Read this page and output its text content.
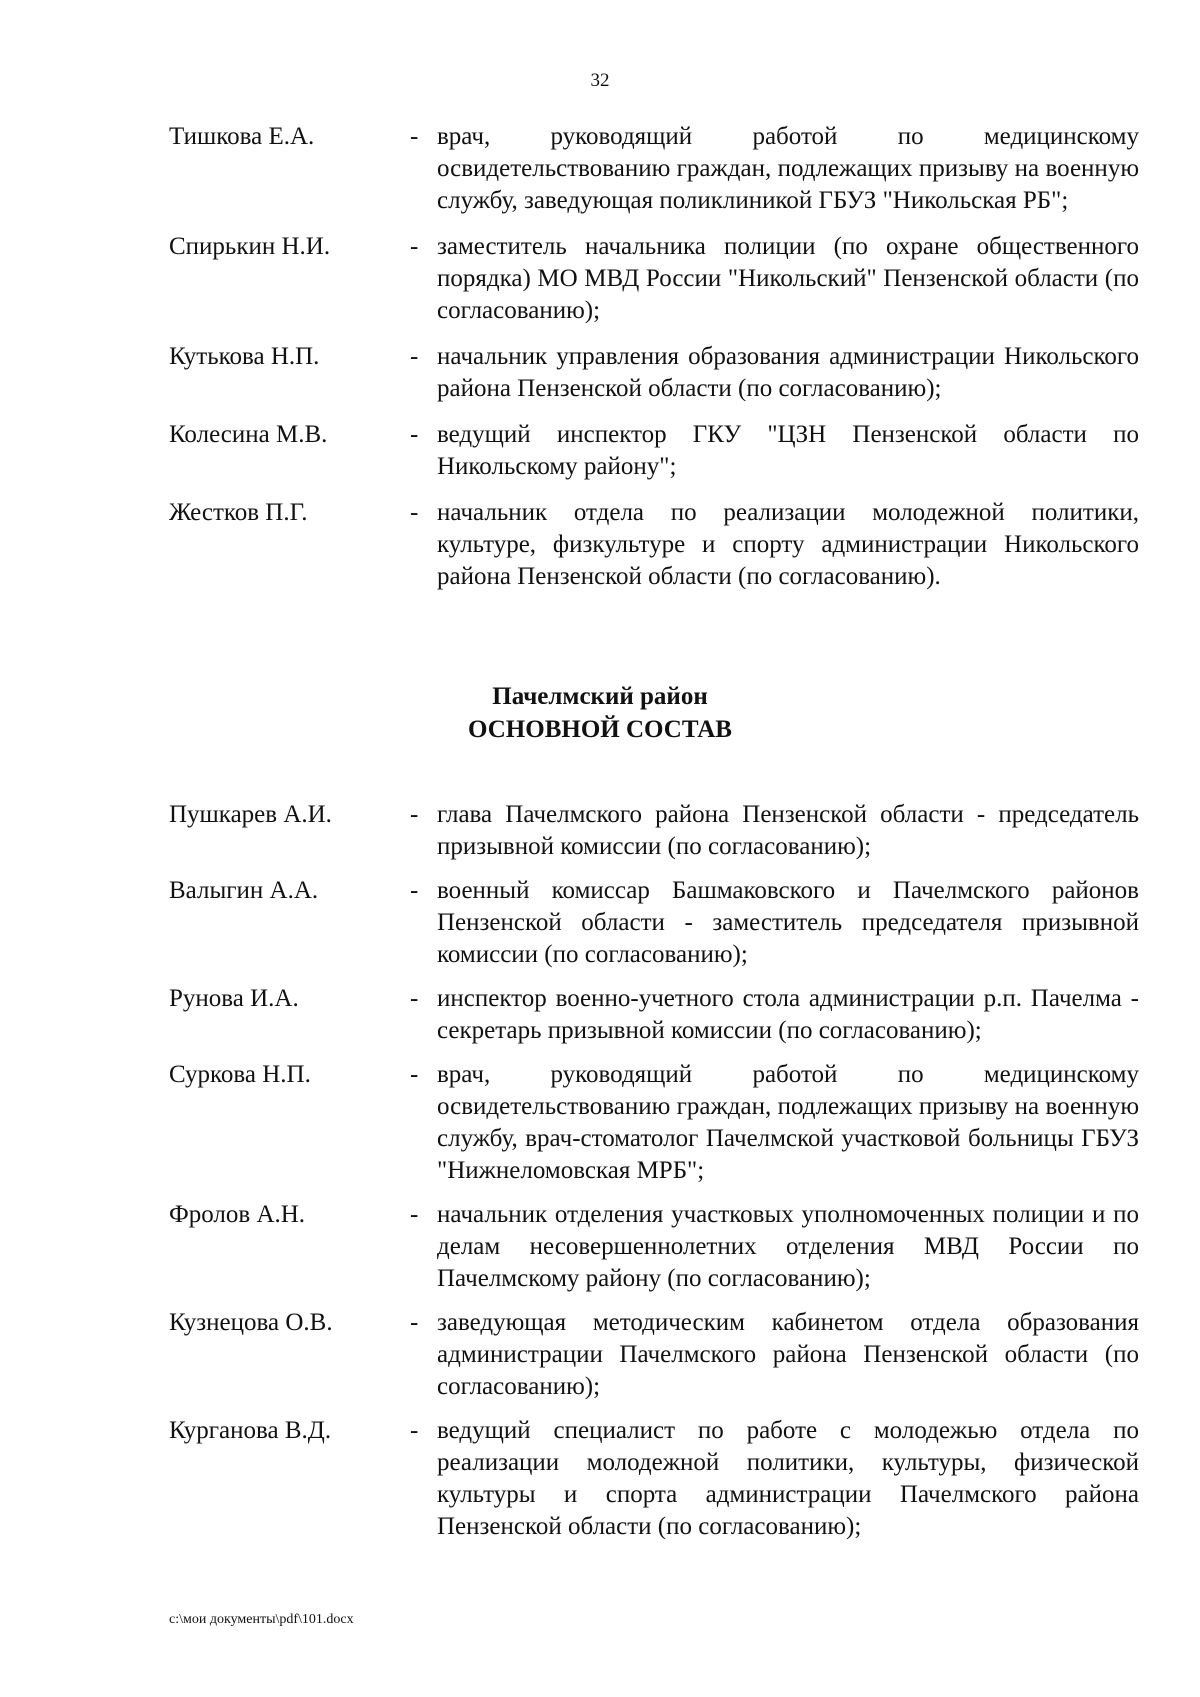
32
Тишкова Е.А.	- врач, руководящий работой по медицинскому освидетельствованию граждан, подлежащих призыву на военную службу, заведующая поликлиникой ГБУЗ "Никольская РБ";
Спирькин Н.И.	- заместитель начальника полиции (по охране общественного порядка) МО МВД России "Никольский" Пензенской области (по согласованию);
Кутькова Н.П.	- начальник управления образования администрации Никольского района Пензенской области (по согласованию);
Колесина М.В.	- ведущий инспектор ГКУ "ЦЗН Пензенской области по Никольскому району";
Жестков П.Г.	- начальник отдела по реализации молодежной политики, культуре, физкультуре и спорту администрации Никольского района Пензенской области (по согласованию).
Пачелмский район
ОСНОВНОЙ СОСТАВ
Пушкарев А.И.	- глава Пачелмского района Пензенской области - председатель призывной комиссии (по согласованию);
Валыгин А.А.	- военный комиссар Башмаковского и Пачелмского районов Пензенской области - заместитель председателя призывной комиссии (по согласованию);
Рунова И.А.	- инспектор военно-учетного стола администрации р.п. Пачелма - секретарь призывной комиссии (по согласованию);
Суркова Н.П.	- врач, руководящий работой по медицинскому освидетельствованию граждан, подлежащих призыву на военную службу, врач-стоматолог Пачелмской участковой больницы ГБУЗ "Нижнеломовская МРБ";
Фролов А.Н.	- начальник отделения участковых уполномоченных полиции и по делам несовершеннолетних отделения МВД России по Пачелмскому району (по согласованию);
Кузнецова О.В.	- заведующая методическим кабинетом отдела образования администрации Пачелмского района Пензенской области (по согласованию);
Курганова В.Д.	- ведущий специалист по работе с молодежью отдела по реализации молодежной политики, культуры, физической культуры и спорта администрации Пачелмского района Пензенской области (по согласованию);
c:\мои документы\pdf\101.docx
